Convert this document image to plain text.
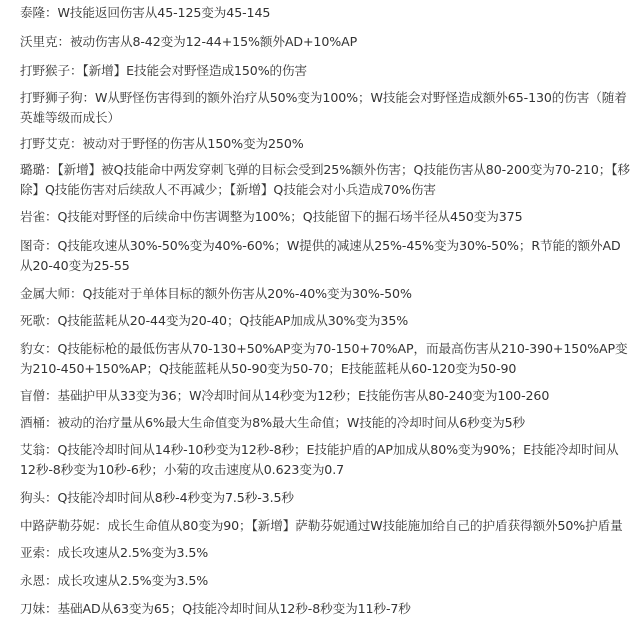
泰隆：W技能返回伤害从45-125变为45-145

沃里克：被动伤害从8-42变为12-44+15%额外AD+10%AP

打野猴子：【新增】E技能会对野怪造成150%的伤害

打野狮子狗：W从野怪伤害得到的额外治疗从50%变为100%；W技能会对野怪造成额外65-130的伤害（随着英雄等级而成长）

打野艾克：被动对于野怪的伤害从150%变为250%

璐璐：【新增】被Q技能命中两发穿刺飞弹的目标会受到25%额外伤害；Q技能伤害从80-200变为70-210；【移除】Q技能伤害对后续敌人不再减少；【新增】Q技能会对小兵造成70%伤害

岩雀：Q技能对野怪的后续命中伤害调整为100%；Q技能留下的掘石场半径从450变为375

图奇：Q技能攻速从30%-50%变为40%-60%；W提供的减速从25%-45%变为30%-50%；R节能的额外AD从20-40变为25-55

金属大师：Q技能对于单体目标的额外伤害从20%-40%变为30%-50%

死歌：Q技能蓝耗从20-44变为20-40；Q技能AP加成从30%变为35%

豹女：Q技能标枪的最低伤害从70-130+50%AP变为70-150+70%AP，而最高伤害从210-390+150%AP变为210-450+150%AP；Q技能蓝耗从50-90变为50-70；E技能蓝耗从60-120变为50-90

盲僧：基础护甲从33变为36；W冷却时间从14秒变为12秒；E技能伤害从80-240变为100-260

酒桶：被动的治疗量从6%最大生命值变为8%最大生命值；W技能的冷却时间从6秒变为5秒

艾翁：Q技能冷却时间从14秒-10秒变为12秒-8秒；E技能护盾的AP加成从80%变为90%；E技能冷却时间从12秒-8秒变为10秒-6秒；小菊的攻击速度从0.623变为0.7

狗头：Q技能冷却时间从8秒-4秒变为7.5秒-3.5秒

中路萨勒芬妮：成长生命值从80变为90；【新增】萨勒芬妮通过W技能施加给自己的护盾获得额外50%护盾量

亚索：成长攻速从2.5%变为3.5%

永恩：成长攻速从2.5%变为3.5%

刀妹：基础AD从63变为65；Q技能冷却时间从12秒-8秒变为11秒-7秒
